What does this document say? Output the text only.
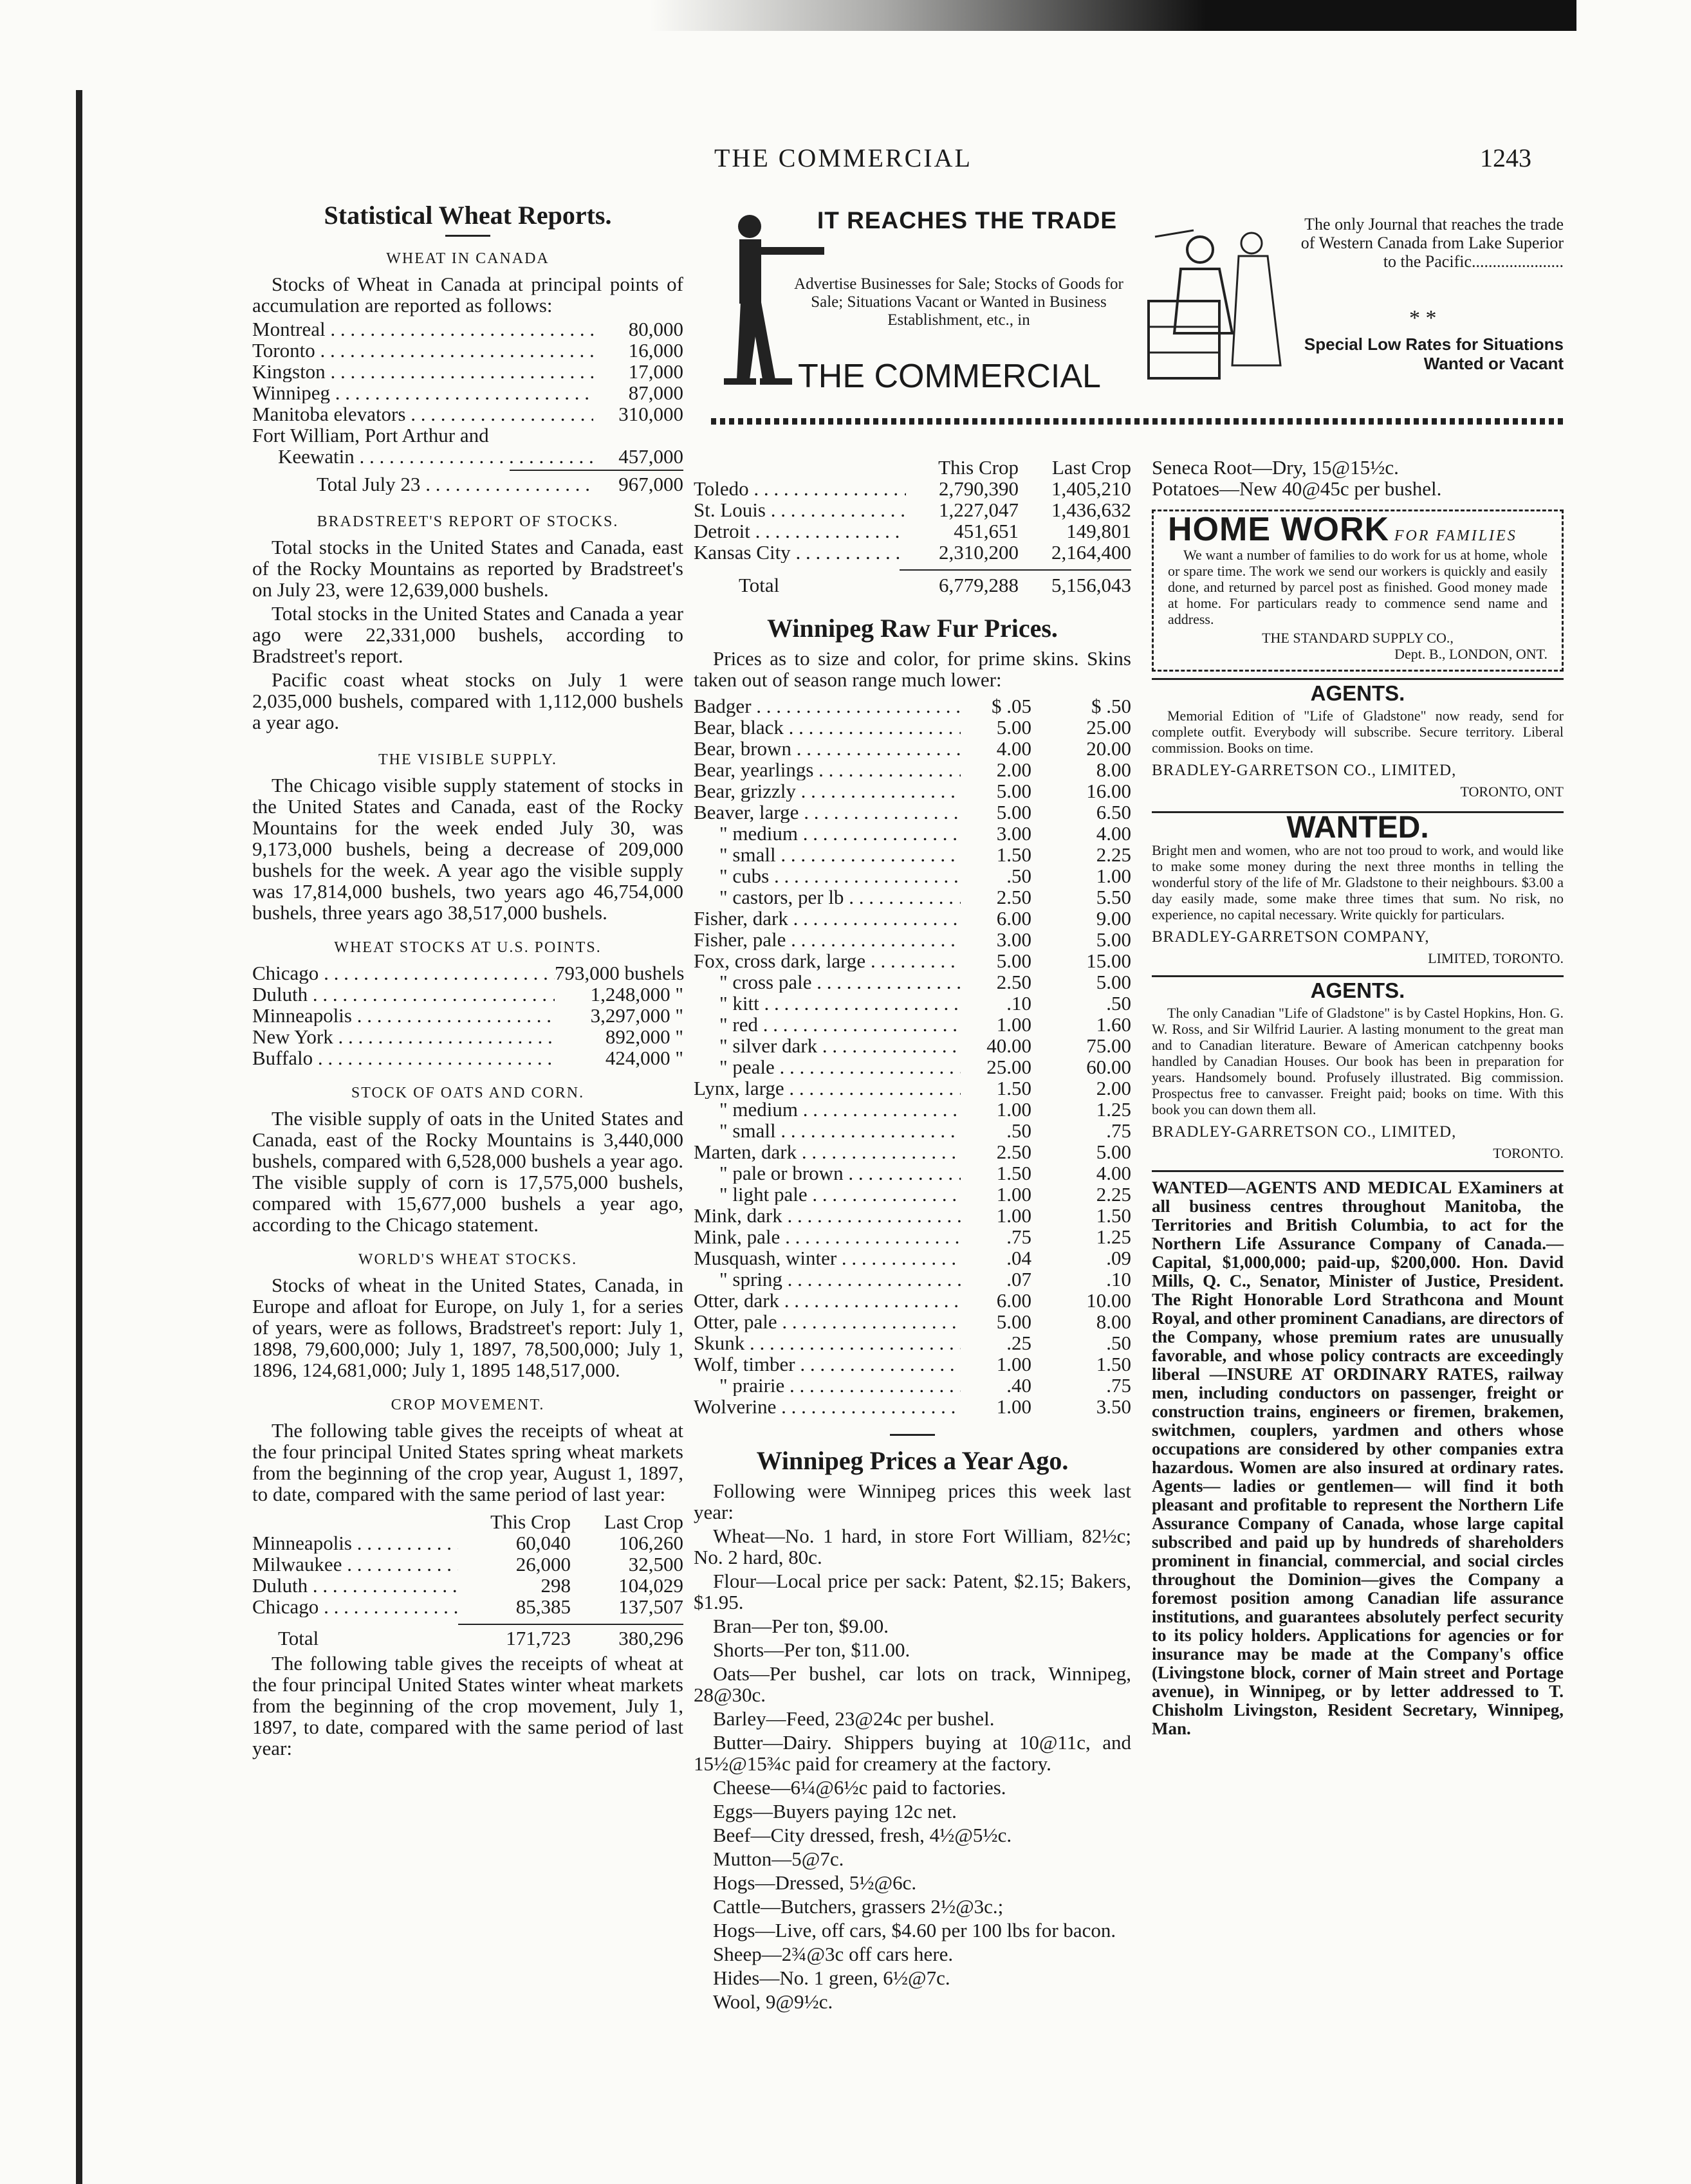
THE COMMERCIAL	1243
Statistical Wheat Reports.
WHEAT IN CANADA

Stocks of Wheat in Canada at principal points of accumulation are reported as follows:

Montreal . . .	80,000
Toronto . . .	16,000
Kingston . . .	17,000
Winnipeg . . .	87,000
Manitoba elevators . . .	310,000
Fort William, Port Arthur and
Keewatin . . .	457,000
Total July 23 . . .	967,000
BRADSTREET'S REPORT OF STOCKS.

Total stocks in the United States and Canada, east of the Rocky Mountains as reported by Bradstreet's on July 23, were 12,639,000 bushels.

Total stocks in the United States and Canada a year ago were 22,331,000 bushels, according to Bradstreet's report.

Pacific coast wheat stocks on July 1 were 2,035,000 bushels, compared with 1,112,000 bushels a year ago.

THE VISIBLE SUPPLY.

The Chicago visible supply statement of stocks in the United States and Canada, east of the Rocky Mountains for the week ended July 30, was 9,173,000 bushels, being a decrease of 209,000 bushels for the week. A year ago the visible supply was 17,814,000 bushels, two years ago 46,754,000 bushels, three years ago 38,517,000 bushels.

WHEAT STOCKS AT U.S. POINTS.
Chicago . . .	793,000 bushels
Duluth . . .	1,248,000 "
Minneapolis . . .	3,297,000 "
New York . . .	892,000 "
Buffalo . . .	424,000 "
STOCK OF OATS AND CORN.

The visible supply of oats in the United States and Canada, east of the Rocky Mountains is 3,440,000 bushels, compared with 6,528,000 bushels a year ago. The visible supply of corn is 17,575,000 bushels, compared with 15,677,000 bushels a year ago, according to the Chicago statement.

WORLD'S WHEAT STOCKS.

Stocks of wheat in the United States, Canada, in Europe and afloat for Europe, on July 1, for a series of years, were as follows, Bradstreet's report: July 1, 1898, 79,600,000; July 1, 1897, 78,500,000; July 1, 1896, 124,681,000; July 1, 1895 148,517,000.

CROP MOVEMENT.

The following table gives the receipts of wheat at the four principal United States spring wheat markets from the beginning of the crop year, August 1, 1897, to date, compared with the same period of last year:

This Crop	Last Crop
Minneapolis . . .	60,040	106,260
Milwaukee . . .	26,000	32,500
Duluth . . .	298	104,029
Chicago . . .	85,385	137,507
Total	171,723	380,296

The following table gives the receipts of wheat at the four principal United States winter wheat markets from the beginning of the crop movement, July 1, 1897, to date, compared with the same period of last year:

IT REACHES THE TRADE
Advertise Businesses for Sale; Stocks of Goods for Sale; Situations Vacant or Wanted in Business Establishment, etc., in
THE COMMERCIAL
The only Journal that reaches the trade of Western Canada from Lake Superior to the Pacific......................
* *
Special Low Rates for Situations Wanted or Vacant
This Crop	Last Crop
Toledo . . .	2,790,390	1,405,210
St. Louis . . .	1,227,047	1,436,632
Detroit . . .	451,651	149,801
Kansas City . . .	2,310,200	2,164,400
Total	6,779,288	5,156,043
Winnipeg Raw Fur Prices.

Prices as to size and color, for prime skins. Skins taken out of season range much lower:

Badger . . .	$ .05	$ .50
Bear, black . . .	5.00	25.00
Bear, brown . . .	4.00	20.00
Bear, yearlings . . .	2.00	8.00
Bear, grizzly . . .	5.00	16.00
Beaver, large . . .	5.00	6.50
" medium . . .	3.00	4.00
" small . . .	1.50	2.25
" cubs . . .	.50	1.00
" castors, per lb . . .	2.50	5.50
Fisher, dark . . .	6.00	9.00
Fisher, pale . . .	3.00	5.00
Fox, cross dark, large . . .	5.00	15.00
" cross pale . . .	2.50	5.00
" kitt . . .	.10	.50
" red . . .	1.00	1.60
" silver dark . . .	40.00	75.00
" peale . . .	25.00	60.00
Lynx, large . . .	1.50	2.00
" medium . . .	1.00	1.25
" small . . .	.50	.75
Marten, dark . . .	2.50	5.00
" pale or brown . . .	1.50	4.00
" light pale . . .	1.00	2.25
Mink, dark . . .	1.00	1.50
Mink, pale . . .	.75	1.25
Musquash, winter . . .	.04	.09
" spring . . .	.07	.10
Otter, dark . . .	6.00	10.00
Otter, pale . . .	5.00	8.00
Skunk . . .	.25	.50
Wolf, timber . . .	1.00	1.50
" prairie . . .	.40	.75
Wolverine . . .	1.00	3.50
Winnipeg Prices a Year Ago.

Following were Winnipeg prices this week last year:

Wheat—No. 1 hard, in store Fort William, 82½c; No. 2 hard, 80c.

Flour—Local price per sack: Patent, $2.15; Bakers, $1.95.

Bran—Per ton, $9.00.

Shorts—Per ton, $11.00.

Oats—Per bushel, car lots on track, Winnipeg, 28@30c.

Barley—Feed, 23@24c per bushel.

Butter—Dairy. Shippers buying at 10@11c, and 15½@15¾c paid for creamery at the factory.

Cheese—6¼@6½c paid to factories.

Eggs—Buyers paying 12c net.

Beef—City dressed, fresh, 4½@5½c.

Mutton—5@7c.

Hogs—Dressed, 5½@6c.

Cattle—Butchers, grassers 2½@3c.;

Hogs—Live, off cars, $4.60 per 100 lbs for bacon.

Sheep—2¾@3c off cars here.

Hides—No. 1 green, 6½@7c.

Wool, 9@9½c.

Seneca Root—Dry, 15@15½c.
Potatoes—New 40@45c per bushel.
HOME WORK FOR FAMILIES
We want a number of families to do work for us at home, whole or spare time. The work we send our workers is quickly and easily done, and returned by parcel post as finished. Good money made at home. For particulars ready to commence send name and address.
THE STANDARD SUPPLY CO.,
Dept. B., LONDON, ONT.
AGENTS.
Memorial Edition of "Life of Gladstone" now ready, send for complete outfit. Everybody will subscribe. Secure territory. Liberal commission. Books on time.
BRADLEY-GARRETSON CO., LIMITED,
TORONTO, ONT
WANTED.
Bright men and women, who are not too proud to work, and would like to make some money during the next three months in telling the wonderful story of the life of Mr. Gladstone to their neighbours. $3.00 a day easily made, some make three times that sum. No risk, no experience, no capital necessary. Write quickly for particulars.
BRADLEY-GARRETSON COMPANY,
LIMITED, TORONTO.
AGENTS.
The only Canadian "Life of Gladstone" is by Castel Hopkins, Hon. G. W. Ross, and Sir Wilfrid Laurier. A lasting monument to the great man and to Canadian literature. Beware of American catchpenny books handled by Canadian Houses. Our book has been in preparation for years. Handsomely bound. Profusely illustrated. Big commission. Prospectus free to canvasser. Freight paid; books on time. With this book you can down them all.
BRADLEY-GARRETSON CO., LIMITED,
TORONTO.
WANTED—AGENTS AND MEDICAL EXaminers at all business centres throughout Manitoba, the Territories and British Columbia, to act for the Northern Life Assurance Company of Canada.— Capital, $1,000,000; paid-up, $200,000. Hon. David Mills, Q. C., Senator, Minister of Justice, President. The Right Honorable Lord Strathcona and Mount Royal, and other prominent Canadians, are directors of the Company, whose premium rates are unusually favorable, and whose policy contracts are exceedingly liberal —INSURE AT ORDINARY RATES, railway men, including conductors on passenger, freight or construction trains, engineers or firemen, brakemen, switchmen, couplers, yardmen and others whose occupations are considered by other companies extra hazardous. Women are also insured at ordinary rates. Agents— ladies or gentlemen— will find it both pleasant and profitable to represent the Northern Life Assurance Company of Canada, whose large capital subscribed and paid up by hundreds of shareholders prominent in financial, commercial, and social circles throughout the Dominion—gives the Company a foremost position among Canadian life assurance institutions, and guarantees absolutely perfect security to its policy holders. Applications for agencies or for insurance may be made at the Company's office (Livingstone block, corner of Main street and Portage avenue), in Winnipeg, or by letter addressed to T. Chisholm Livingston, Resident Secretary, Winnipeg, Man.
